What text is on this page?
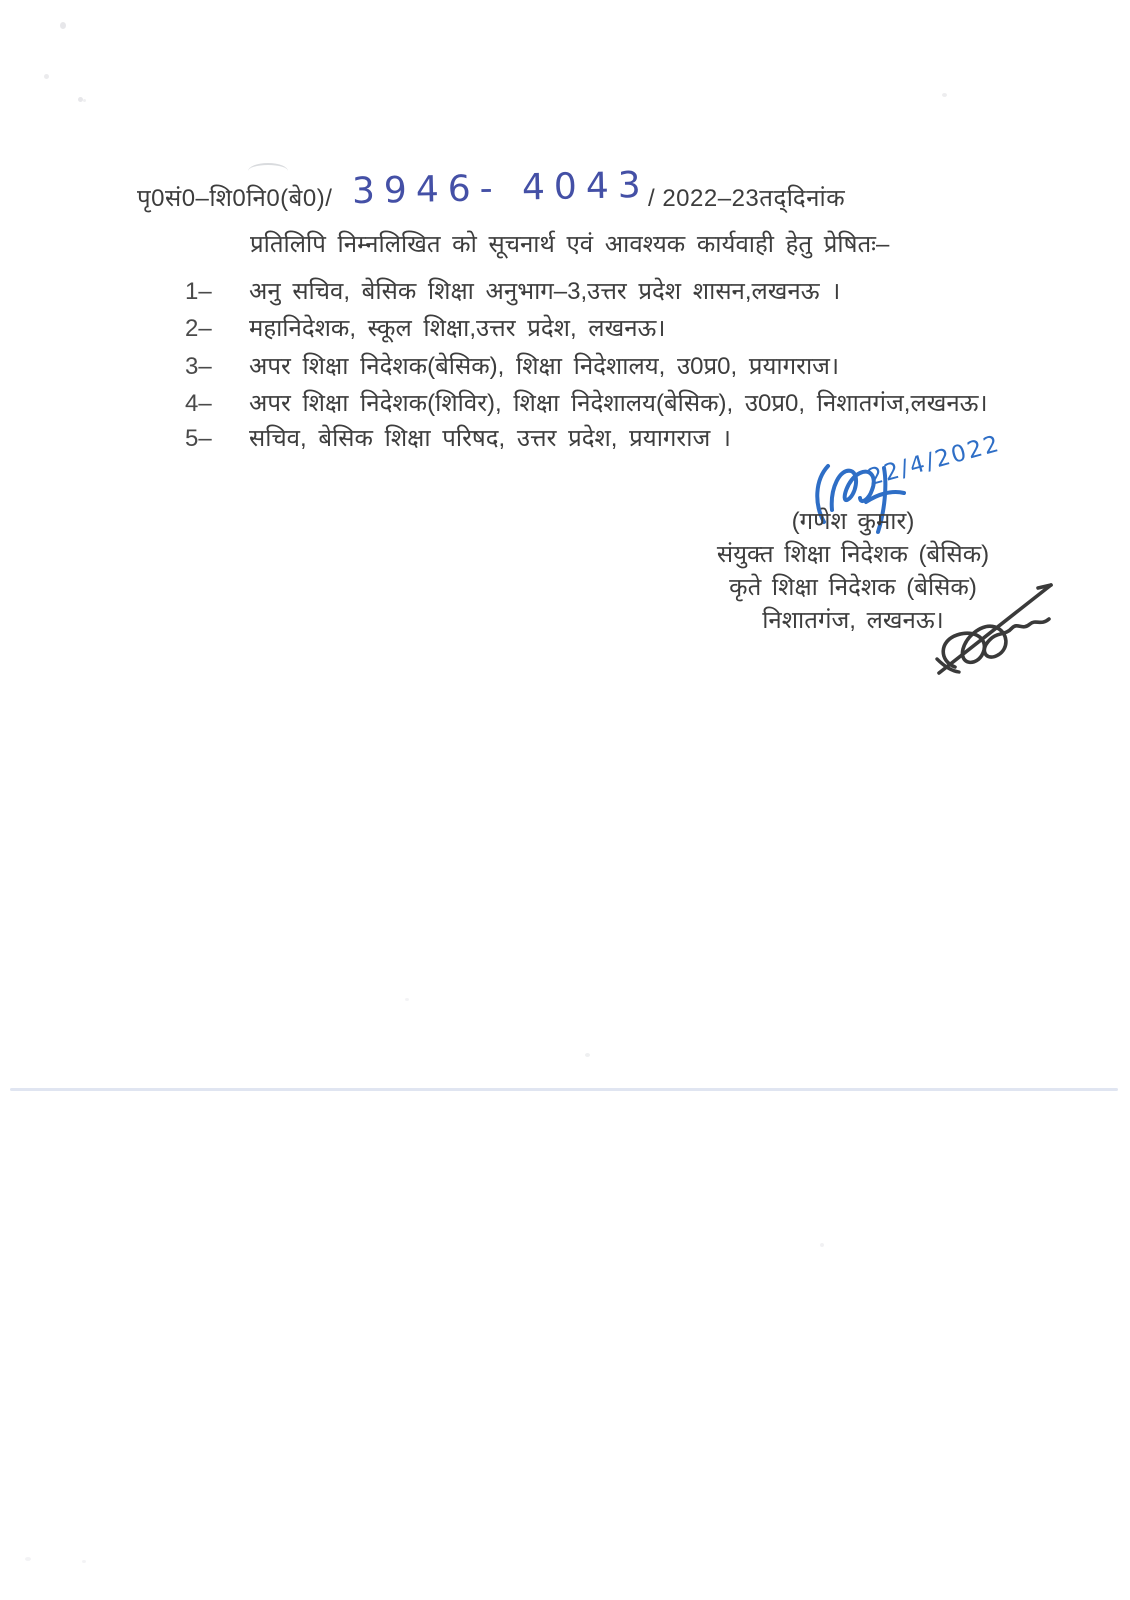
पृ0सं0–शि0नि0(बे0)/ 3946- 4043
/ 2022–23तद्‌दिनांक
प्रतिलिपि निम्नलिखित को सूचनार्थ एवं आवश्यक कार्यवाही हेतु प्रेषितः–
1– अनु सचिव, बेसिक शिक्षा अनुभाग–3,उत्तर प्रदेश शासन,लखनऊ ।
2– महानिदेशक, स्कूल शिक्षा,उत्तर प्रदेश, लखनऊ।
3– अपर शिक्षा निदेशक(बेसिक), शिक्षा निदेशालय, उ0प्र0, प्रयागराज।
4– अपर शिक्षा निदेशक(शिविर), शिक्षा निदेशालय(बेसिक), उ0प्र0, निशातगंज,लखनऊ।
5– सचिव, बेसिक शिक्षा परिषद, उत्तर प्रदेश, प्रयागराज ।	22/4/2022
(गणेश कुमार)
संयुक्त शिक्षा निदेशक (बेसिक)
कृते शिक्षा निदेशक (बेसिक)
निशातगंज, लखनऊ।
